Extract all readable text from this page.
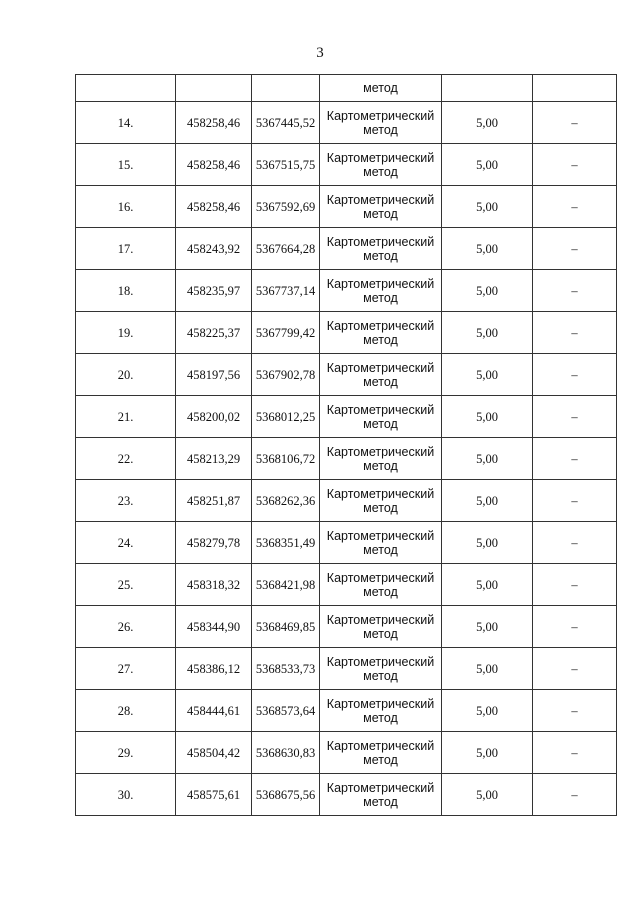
3
			метод		
14.	458258,46	5367445,52	Картометрический метод	5,00	–
15.	458258,46	5367515,75	Картометрический метод	5,00	–
16.	458258,46	5367592,69	Картометрический метод	5,00	–
17.	458243,92	5367664,28	Картометрический метод	5,00	–
18.	458235,97	5367737,14	Картометрический метод	5,00	–
19.	458225,37	5367799,42	Картометрический метод	5,00	–
20.	458197,56	5367902,78	Картометрический метод	5,00	–
21.	458200,02	5368012,25	Картометрический метод	5,00	–
22.	458213,29	5368106,72	Картометрический метод	5,00	–
23.	458251,87	5368262,36	Картометрический метод	5,00	–
24.	458279,78	5368351,49	Картометрический метод	5,00	–
25.	458318,32	5368421,98	Картометрический метод	5,00	–
26.	458344,90	5368469,85	Картометрический метод	5,00	–
27.	458386,12	5368533,73	Картометрический метод	5,00	–
28.	458444,61	5368573,64	Картометрический метод	5,00	–
29.	458504,42	5368630,83	Картометрический метод	5,00	–
30.	458575,61	5368675,56	Картометрический метод	5,00	–
